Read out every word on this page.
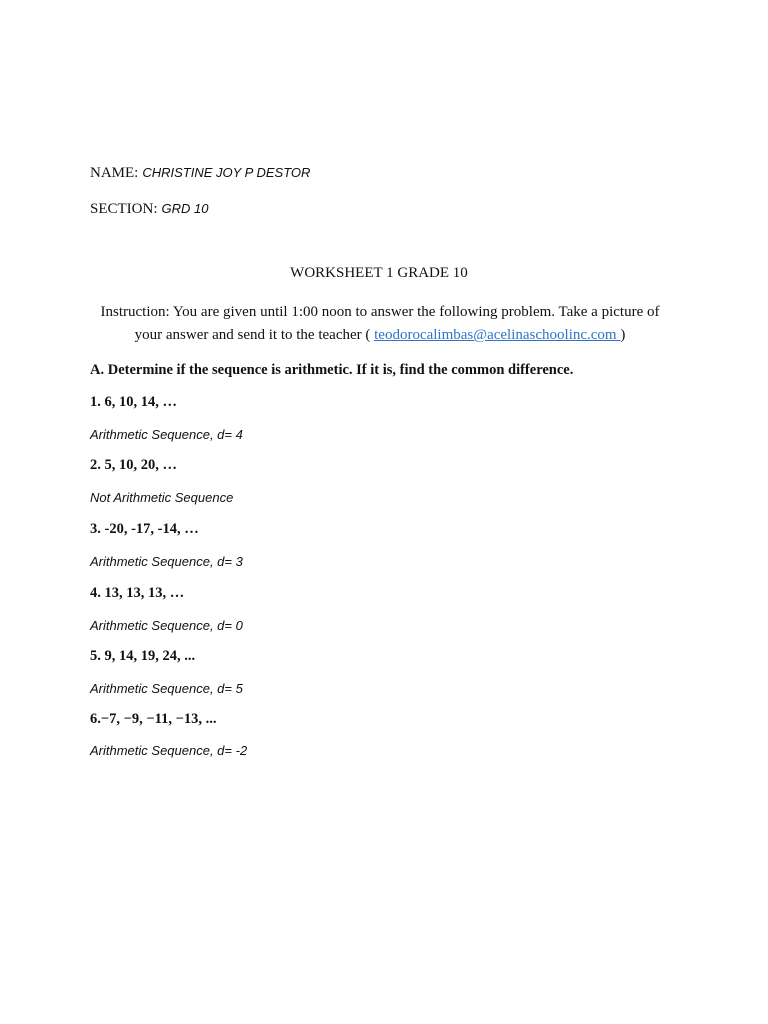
NAME: CHRISTINE JOY P DESTOR
SECTION: GRD 10
WORKSHEET 1 GRADE 10
Instruction: You are given until 1:00 noon to answer the following problem. Take a picture of
your answer and send it to the teacher ( teodorocalimbas@acelinaschoolinc.com )
A. Determine if the sequence is arithmetic. If it is, find the common difference.
1. 6, 10, 14, …
Arithmetic Sequence, d= 4
2. 5, 10, 20, …
Not Arithmetic Sequence
3. -20, -17, -14, …
Arithmetic Sequence, d= 3
4. 13, 13, 13, …
Arithmetic Sequence, d= 0
5. 9, 14, 19, 24, ...
Arithmetic Sequence, d= 5
6.−7, −9, −11, −13, ...
Arithmetic Sequence, d= -2
